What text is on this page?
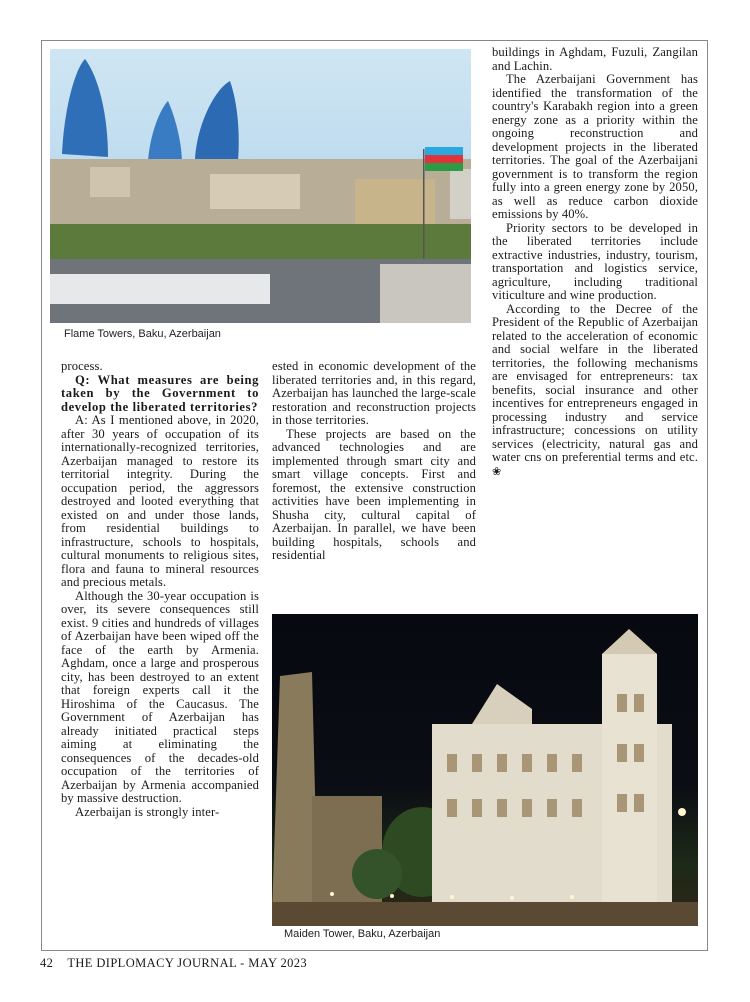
Flame Towers, Baku, Azerbaijan

process.

Q: What measures are being taken by the Government to develop the liberated territories?

A: As I mentioned above, in 2020, after 30 years of occupation of its internationally-recognized territories, Azerbaijan managed to restore its territorial integrity. During the occupation period, the aggressors destroyed and looted everything that existed on and under those lands, from residential buildings to infrastructure, schools to hospitals, cultural monuments to religious sites, flora and fauna to mineral resources and precious metals.

Although the 30-year occupation is over, its severe consequences still exist. 9 cities and hundreds of villages of Azerbaijan have been wiped off the face of the earth by Armenia. Aghdam, once a large and prosperous city, has been destroyed to an extent that foreign experts call it the Hiroshima of the Caucasus. The Government of Azerbaijan has already initiated practical steps aiming at eliminating the consequences of the decades-old occupation of the territories of Azerbaijan by Armenia accompanied by massive destruction.

Azerbaijan is strongly inter-

ested in economic development of the liberated territories and, in this regard, Azerbaijan has launched the large-scale restoration and reconstruction projects in those territories.

These projects are based on the advanced technologies and are implemented through smart city and smart village concepts. First and foremost, the extensive construction activities have been implementing in Shusha city, cultural capital of Azerbaijan. In parallel, we have been building hospitals, schools and residential

buildings in Aghdam, Fuzuli, Zangilan and Lachin.

The Azerbaijani Government has identified the transformation of the country's Karabakh region into a green energy zone as a priority within the ongoing reconstruction and development projects in the liberated territories. The goal of the Azerbaijani government is to transform the region fully into a green energy zone by 2050, as well as reduce carbon dioxide emissions by 40%.

Priority sectors to be developed in the liberated territories include extractive industries, industry, tourism, transportation and logistics service, agriculture, including traditional viticulture and wine production.

According to the Decree of the President of the Republic of Azerbaijan related to the acceleration of economic and social welfare in the liberated territories, the following mechanisms are envisaged for entrepreneurs: tax benefits, social insurance and other incentives for entrepreneurs engaged in processing industry and service infrastructure; concessions on utility services (electricity, natural gas and water cns on preferential terms and etc. ❀

Maiden Tower, Baku, Azerbaijan
42 THE DIPLOMACY JOURNAL - MAY 2023
